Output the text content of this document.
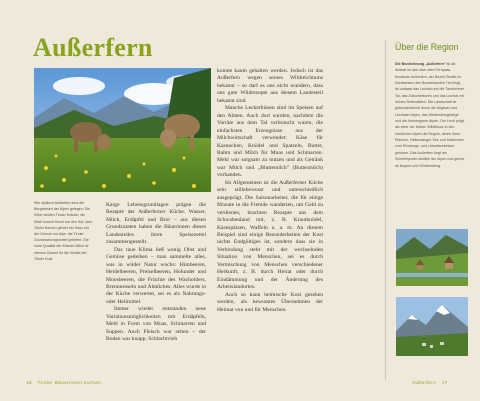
Außerfern
Wie idyllisch Außerfern sind die Bergwiesen der Alpen gelegen: Die Kühe weiden Tiroler Kräuter, die Milch kommt frisch auf den Hof, dem Tiroler Bauern gehört ein Haus mit der Grenze zur Alpe, die Tiroler Grundnahrungsmittel geliefert. Die hohe Qualität der Kräuter-Milch ist ebenso Garant für die Vielfalt der Tiroler Kost.

Karge Lebensgrundlagen prägen die Rezepte der Außerferner Küche. Wasser, Milch, Erdäpfel und Brot – aus diesen Grundzutaten haben die Bäuerinnen dieses Landesteiles ihren Speisezettel zusammengestellt.

Das raue Klima ließ wenig Obst und Gemüse gedeihen – man sammelte alles, was in wilder Natur wuchs: Himbeeren, Heidelbeeren, Preiselbeeren, Holunder und Moosbeeren, die Früchte des Wacholders, Brennnesseln und Ähnliches. Alles wurde in der Küche verwertet, sei es als Nahrungs- oder Heilmittel.

Immer wieder entstanden neue Variationsmöglichkeiten mit Erdäpfeln, Mehl in Form von Muas, Schmarren und Suppen. Auch Fleisch war selten – der Boden war knapp, Schlachtvieh

konnte kaum gehalten werden. Jedoch ist das Außerfern wegen seines Wildreichtums bekannt – so darf es uns nicht wundern, dass uns gute Wildrezepte aus diesem Landesteil bekannt sind.

Manche Leckerbissen sind im Speisen auf den Almen. Auch dort wurden, nachdem die Vorräte aus dem Tal verbraucht waren, die einfachsten Erzeugnisse aus der Milchwirtschaft verwendet: Käse für Kasnocken, Knödel und Spatzeln, Butter, Rahm und Milch für Muas und Schmarren. Mehl war sorgsam zu nutzen und als Getränk war Milch und „Bluttemilch" (Buttermilch) vorhanden.

Im Allgemeinen ist die Außerferner Küche sehr stillebewusst und unterschiedlich ausgeprägt. Die Saisonarbeiter, die für einige Monate in die Fremde wanderten, um Geld zu verdienen, brachten Rezepte aus dem Schwabenland mit, z. B. Krautknödel, Käsespätzen, Waffeln u. a. m. An diesem Beispiel sind einige Besonderheiten der Kost nichts Endgültiges ist, sondern dass sie in Verbindung steht mit der wechselnden Situation von Menschen, sei es durch Vermischung von Menschen verschiedener Herkunft, z. B. durch Heirat oder durch Eindämmung und der Änderung des Arbeitslandortes.

Auch so kann heimische Kost gesehen werden, als bewusstes Übernehmen der Heimat von und für Menschen.

Über die Region
Die Bezeichnung „Außerfern" ist alt. Anstatt ist das nach dem Fernpass benannte Außerfern, der Bezirk Reutte im Nordwesten des Bundeslandes Tirol liegt, ist umfasst das Lechtal und die Tannheimer Tal, das Zwischentoren und das Lechtal mit seinen Seitentälern. Die Landschaft ist gekennzeichnet durch die Allgäuer und Lechtaler Alpen, das Wettersteingebirge und die Ammergauer Alpen. Der Lech prägt als einer der letzten Wildflüsse in den nördlichen Alpen die Region, deren Seen Plansee, Heiterwanger See und Haldensee zum Erholungs- und Urlaubsreichtum gehören. Das Außerfern liegt am Scheitelpunkt nördlich der Alpen und grenzt an Bayern und Württemberg.
16 Tiroler Bäuerinnen kochen	Außerfern 17
